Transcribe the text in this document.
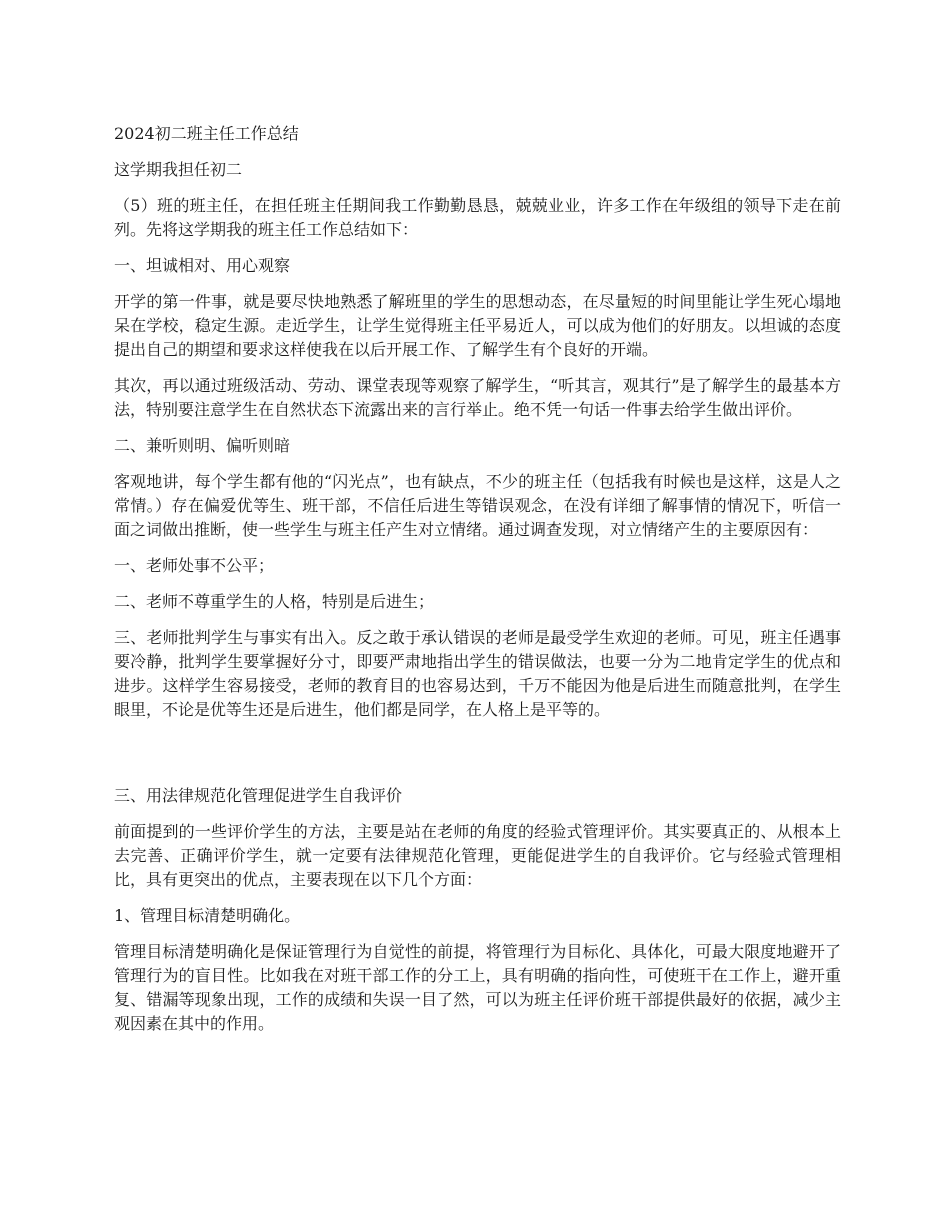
2024初二班主任工作总结

这学期我担任初二

（5）班的班主任，在担任班主任期间我工作勤勤恳恳，兢兢业业，许多工作在年级组的领导下走在前列。先将这学期我的班主任工作总结如下：

一、坦诚相对、用心观察

开学的第一件事，就是要尽快地熟悉了解班里的学生的思想动态，在尽量短的时间里能让学生死心塌地呆在学校，稳定生源。走近学生，让学生觉得班主任平易近人，可以成为他们的好朋友。以坦诚的态度提出自己的期望和要求这样使我在以后开展工作、了解学生有个良好的开端。

其次，再以通过班级活动、劳动、课堂表现等观察了解学生，“听其言，观其行”是了解学生的最基本方法，特别要注意学生在自然状态下流露出来的言行举止。绝不凭一句话一件事去给学生做出评价。

二、兼听则明、偏听则暗

客观地讲，每个学生都有他的“闪光点”，也有缺点，不少的班主任（包括我有时候也是这样，这是人之常情。）存在偏爱优等生、班干部，不信任后进生等错误观念，在没有详细了解事情的情况下，听信一面之词做出推断，使一些学生与班主任产生对立情绪。通过调查发现，对立情绪产生的主要原因有：

一、老师处事不公平；

二、老师不尊重学生的人格，特别是后进生；

三、老师批判学生与事实有出入。反之敢于承认错误的老师是最受学生欢迎的老师。可见，班主任遇事要冷静，批判学生要掌握好分寸，即要严肃地指出学生的错误做法，也要一分为二地肯定学生的优点和进步。这样学生容易接受，老师的教育目的也容易达到，千万不能因为他是后进生而随意批判，在学生眼里，不论是优等生还是后进生，他们都是同学，在人格上是平等的。

三、用法律规范化管理促进学生自我评价

前面提到的一些评价学生的方法，主要是站在老师的角度的经验式管理评价。其实要真正的、从根本上去完善、正确评价学生，就一定要有法律规范化管理，更能促进学生的自我评价。它与经验式管理相比，具有更突出的优点，主要表现在以下几个方面：

1、管理目标清楚明确化。

管理目标清楚明确化是保证管理行为自觉性的前提，将管理行为目标化、具体化，可最大限度地避开了管理行为的盲目性。比如我在对班干部工作的分工上，具有明确的指向性，可使班干在工作上，避开重复、错漏等现象出现，工作的成绩和失误一目了然，可以为班主任评价班干部提供最好的依据，减少主观因素在其中的作用。
